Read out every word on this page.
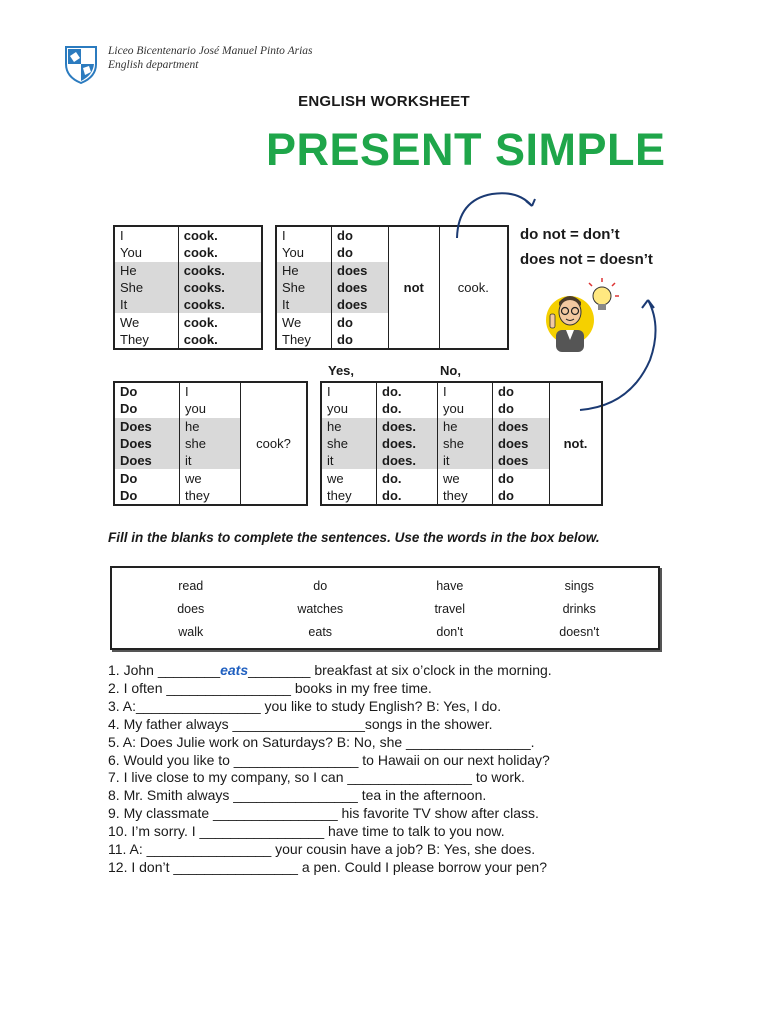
Liceo Bicentenario José Manuel Pinto Arias
English department
ENGLISH WORKSHEET
PRESENT SIMPLE
I	cook.
You	cook.
He	cooks.
She	cooks.
It	cooks.
We	cook.
They	cook.
I	do	not	cook.
You	do		
He	does		
She	does		
It	does		
We	do		
They	do		
do not = don’t
does not = doesn’t
Yes,	No,
Do	I	cook?
Do	you	
Does	he	
Does	she	
Does	it	
Do	we	
Do	they	
I	do.	I	do	not.
you	do.	you	do	
he	does.	he	does	
she	does.	she	does	
it	does.	it	does	
we	do.	we	do	
they	do.	they	do	
Fill in the blanks to complete the sentences. Use the words in the box below.
read	do	have	sings
does	watches	travel	drinks
walk	eats	don't	doesn't
1. John ________eats________ breakfast at six o’clock in the morning.
2. I often ________________ books in my free time.
3. A:________________ you like to study English? B: Yes, I do.
4. My father always _________________songs in the shower.
5. A: Does Julie work on Saturdays? B: No, she ________________.
6. Would you like to ________________ to Hawaii on our next holiday?
7. I live close to my company, so I can ________________ to work.
8. Mr. Smith always ________________ tea in the afternoon.
9. My classmate ________________ his favorite TV show after class.
10. I’m sorry. I ________________ have time to talk to you now.
11. A: ________________ your cousin have a job? B: Yes, she does.
12. I don’t ________________ a pen. Could I please borrow your pen?
